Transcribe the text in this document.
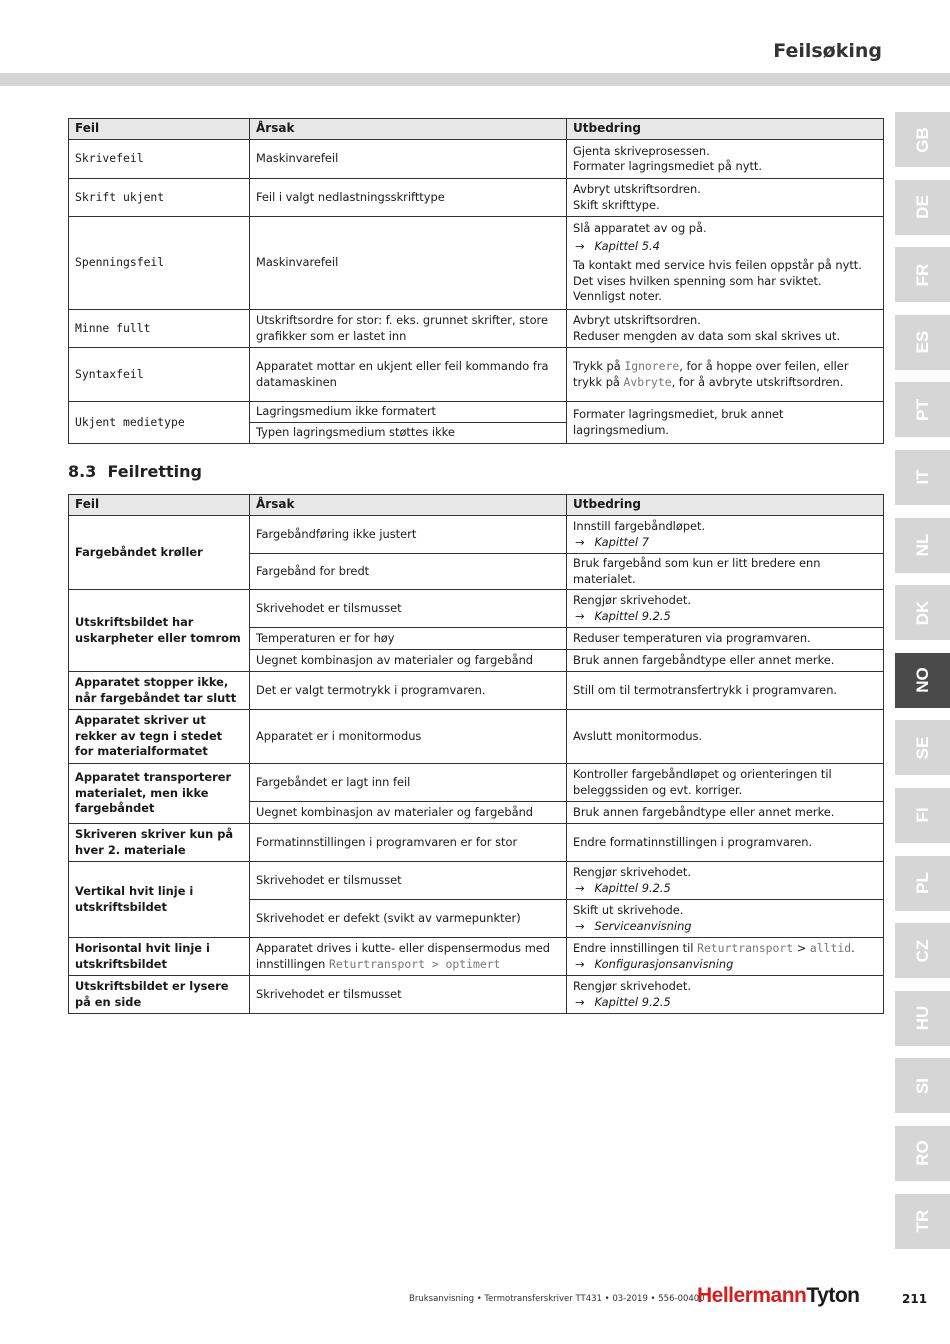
Feilsøking
GB
DE
FR
ES
PT
IT
NL
DK
NO
SE
FI
PL
CZ
HU
SI
RO
TR
Feil	Årsak	Utbedring
Skrivefeil	Maskinvarefeil	Gjenta skriveprosessen.
Formater lagringsmediet på nytt.

Skrift ukjent	Feil i valgt nedlastningsskrifttype	Avbryt utskriftsordren.
Skift skrifttype.

Spenningsfeil	Maskinvarefeil	Slå apparatet av og på.
→ Kapittel 5.4
Ta kontakt med service hvis feilen oppstår på nytt.
Det vises hvilken spenning som har sviktet.
Vennligst noter.

Minne fullt	Utskriftsordre for stor: f. eks. grunnet skrifter, store grafikker som er lastet inn	Avbryt utskriftsordren.
Reduser mengden av data som skal skrives ut.

Syntaxfeil	Apparatet mottar en ukjent eller feil kommando fra datamaskinen	Trykk på Ignorere, for å hoppe over feilen, eller trykk på Avbryte, for å avbryte utskriftsordren.
Ukjent medietype	Lagringsmedium ikke formatert	Formater lagringsmediet, bruk annet lagringsmedium.
	Typen lagringsmedium støttes ikke	
8.3 Feilretting
Feil	Årsak	Utbedring
Fargebåndet krøller	Fargebåndføring ikke justert	Innstill fargebåndløpet.
→ Kapittel 7

	Fargebånd for bredt	Bruk fargebånd som kun er litt bredere enn materialet.
Utskriftsbildet har uskarpheter eller tomrom	Skrivehodet er tilsmusset	Rengjør skrivehodet.
→ Kapittel 9.2.5

	Temperaturen er for høy	Reduser temperaturen via programvaren.
	Uegnet kombinasjon av materialer og fargebånd	Bruk annen fargebåndtype eller annet merke.
Apparatet stopper ikke, når fargebåndet tar slutt	Det er valgt termotrykk i programvaren.	Still om til termotransfertrykk i programvaren.
Apparatet skriver ut rekker av tegn i stedet for materialformatet	Apparatet er i monitormodus	Avslutt monitormodus.
Apparatet transporterer materialet, men ikke fargebåndet	Fargebåndet er lagt inn feil	Kontroller fargebåndløpet og orienteringen til beleggssiden og evt. korriger.
	Uegnet kombinasjon av materialer og fargebånd	Bruk annen fargebåndtype eller annet merke.
Skriveren skriver kun på hver 2. materiale	Formatinnstillingen i programvaren er for stor	Endre formatinnstillingen i programvaren.
Vertikal hvit linje i utskriftsbildet	Skrivehodet er tilsmusset	Rengjør skrivehodet.
→ Kapittel 9.2.5

	Skrivehodet er defekt (svikt av varmepunkter)	Skift ut skrivehode.
→ Serviceanvisning

Horisontal hvit linje i utskriftsbildet	Apparatet drives i kutte- eller dispensermodus med innstillingen Returtransport > optimert	Endre innstillingen til Returtransport > alltid.
→ Konfigurasjonsanvisning

Utskriftsbildet er lysere på en side	Skrivehodet er tilsmusset	Rengjør skrivehodet.
→ Kapittel 9.2.5
Bruksanvisning • Termotransferskriver TT431 • 03-2019 • 556-00400
HellermannTyton	211
